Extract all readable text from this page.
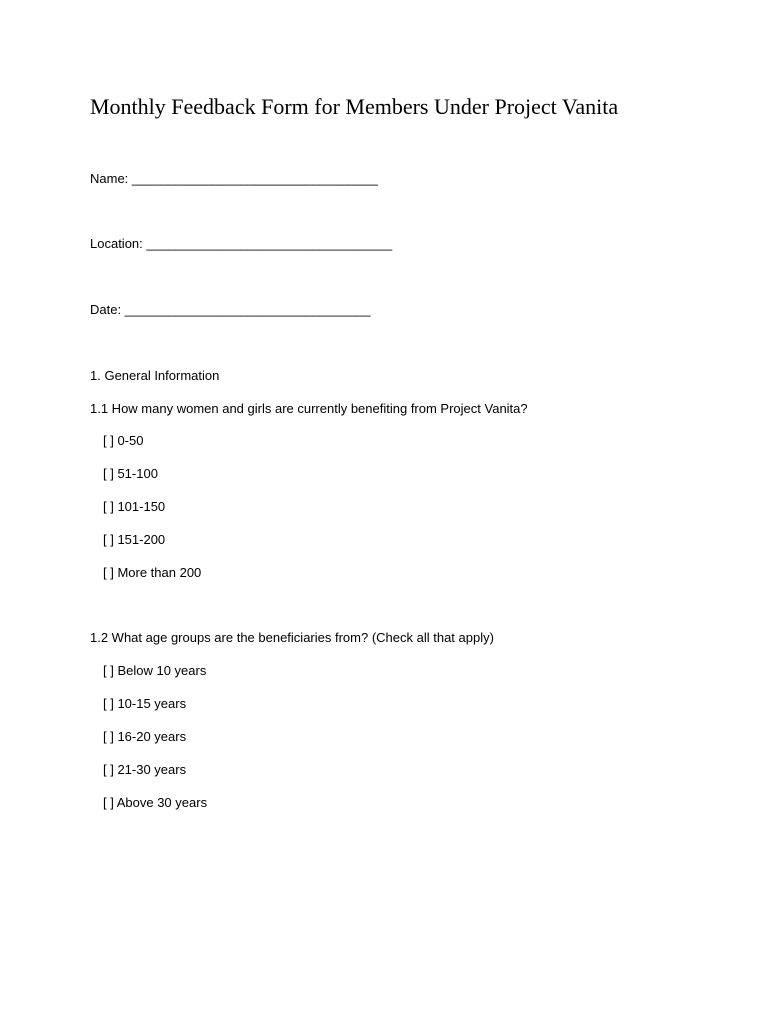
Monthly Feedback Form for Members Under Project Vanita
Name: __________________________________
Location: __________________________________
Date: __________________________________
1. General Information
1.1 How many women and girls are currently benefiting from Project Vanita?
[ ] 0-50
[ ] 51-100
[ ] 101-150
[ ] 151-200
[ ] More than 200
1.2 What age groups are the beneficiaries from? (Check all that apply)
[ ] Below 10 years
[ ] 10-15 years
[ ] 16-20 years
[ ] 21-30 years
[ ] Above 30 years
